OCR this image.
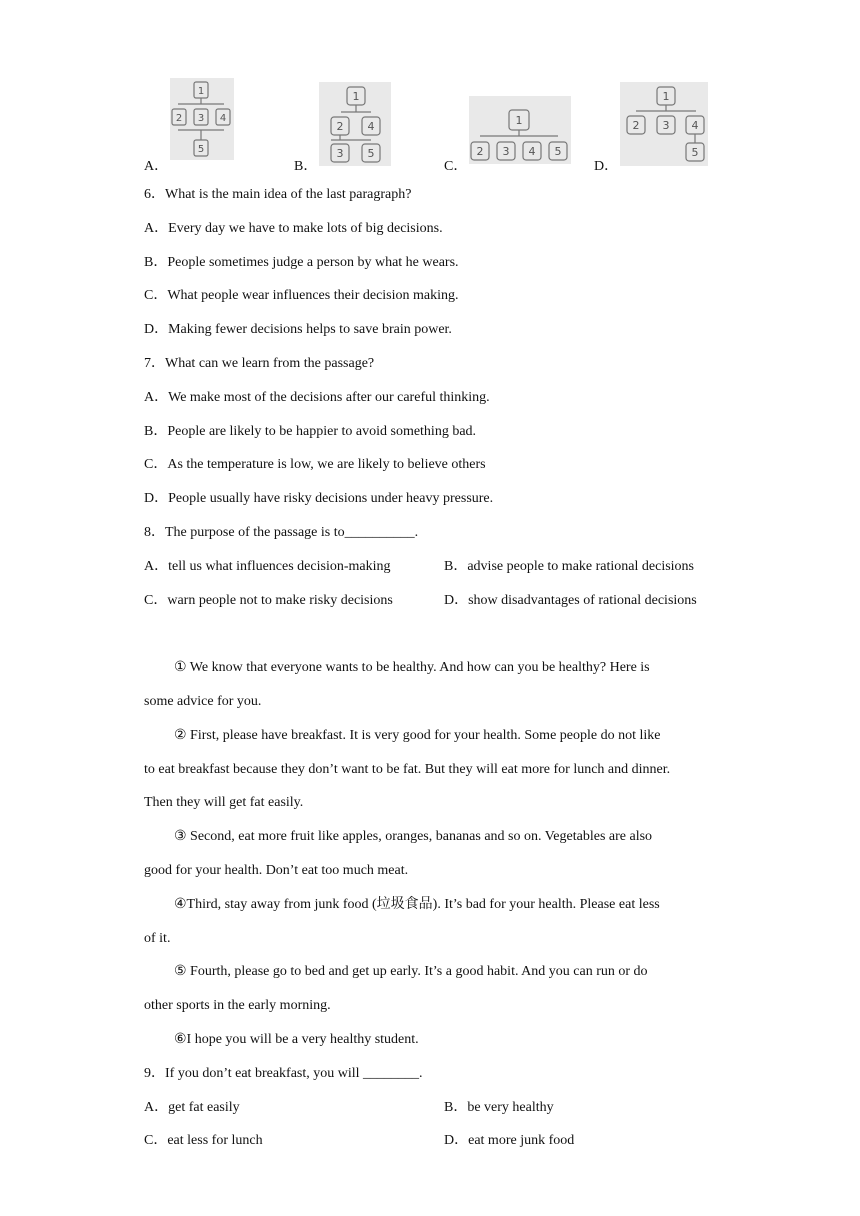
A．
1
2 3 4
5
B．
1
2 4
3 5
C．
1
2 3 4 5
D．
1
2 3 4
5
6．What is the main idea of the last paragraph?
A．Every day we have to make lots of big decisions.
B．People sometimes judge a person by what he wears.
C．What people wear influences their decision making.
D．Making fewer decisions helps to save brain power.
7．What can we learn from the passage?
A．We make most of the decisions after our careful thinking.
B．People are likely to be happier to avoid something bad.
C．As the temperature is low, we are likely to believe others
D．People usually have risky decisions under heavy pressure.
8．The purpose of the passage is to__________.
A．tell us what influences decision-making	B．advise people to make rational decisions
C．warn people not to make risky decisions	D．show disadvantages of rational decisions
① We know that everyone wants to be healthy. And how can you be healthy? Here is
some advice for you.
② First, please have breakfast. It is very good for your health. Some people do not like
to eat breakfast because they don’t want to be fat. But they will eat more for lunch and dinner.
Then they will get fat easily.
③ Second, eat more fruit like apples, oranges, bananas and so on. Vegetables are also
good for your health. Don’t eat too much meat.
④Third, stay away from junk food (垃圾食品). It’s bad for your health. Please eat less
of it.
⑤ Fourth, please go to bed and get up early. It’s a good habit. And you can run or do
other sports in the early morning.
⑥I hope you will be a very healthy student.
9．If you don’t eat breakfast, you will ________.
A．get fat easily	B．be very healthy
C．eat less for lunch	D．eat more junk food
